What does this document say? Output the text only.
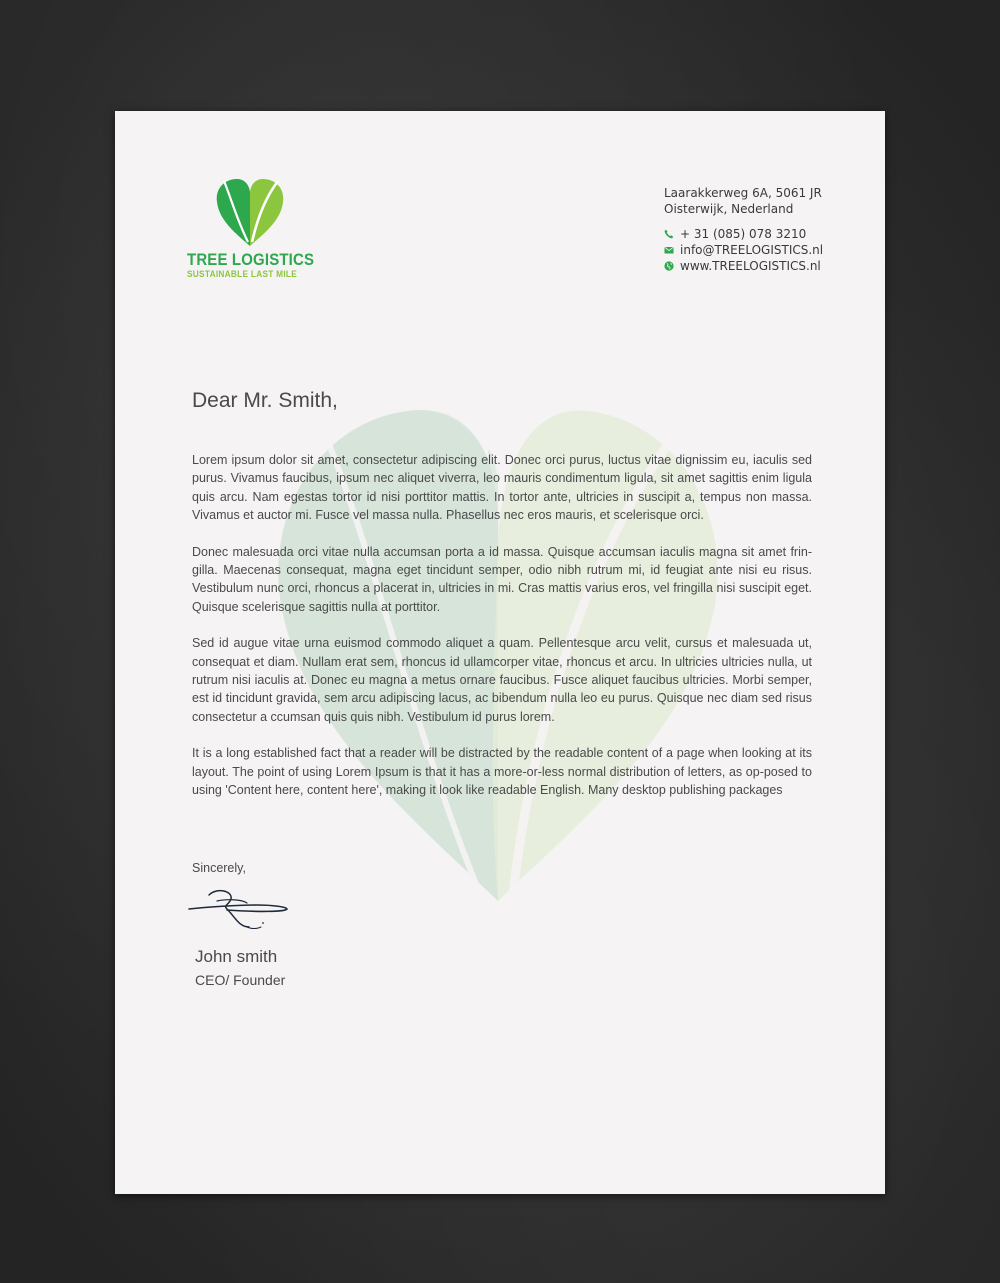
TREE LOGISTICS
SUSTAINABLE LAST MILE
Laarakkerweg 6A, 5061 JR
Oisterwijk, Nederland
+ 31 (085) 078 3210
info@TREELOGISTICS.nl
www.TREELOGISTICS.nl
Dear Mr. Smith,

Lorem ipsum dolor sit amet, consectetur adipiscing elit. Donec orci purus, luctus vitae dignissim eu, iaculis sed purus. Vivamus faucibus, ipsum nec aliquet viverra, leo mauris condimentum ligula, sit amet sagittis enim ligula quis arcu. Nam egestas tortor id nisi porttitor mattis. In tortor ante, ultricies in suscipit a, tempus non massa. Vivamus et auctor mi. Fusce vel massa nulla. Phasellus nec eros mauris, et scelerisque orci.

Donec malesuada orci vitae nulla accumsan porta a id massa. Quisque accumsan iaculis magna sit amet frin-gilla. Maecenas consequat, magna eget tincidunt semper, odio nibh rutrum mi, id feugiat ante nisi eu risus. Vestibulum nunc orci, rhoncus a placerat in, ultricies in mi. Cras mattis varius eros, vel fringilla nisi suscipit eget. Quisque scelerisque sagittis nulla at porttitor.

Sed id augue vitae urna euismod commodo aliquet a quam. Pellentesque arcu velit, cursus et malesuada ut, consequat et diam. Nullam erat sem, rhoncus id ullamcorper vitae, rhoncus et arcu. In ultricies ultricies nulla, ut rutrum nisi iaculis at. Donec eu magna a metus ornare faucibus. Fusce aliquet faucibus ultricies. Morbi semper, est id tincidunt gravida, sem arcu adipiscing lacus, ac bibendum nulla leo eu purus. Quisque nec diam sed risus consectetur a ccumsan quis quis nibh. Vestibulum id purus lorem.

It is a long established fact that a reader will be distracted by the readable content of a page when looking at its layout. The point of using Lorem Ipsum is that it has a more-or-less normal distribution of letters, as op-posed to using 'Content here, content here', making it look like readable English. Many desktop publishing packages

Sincerely,
John smith
CEO/ Founder
